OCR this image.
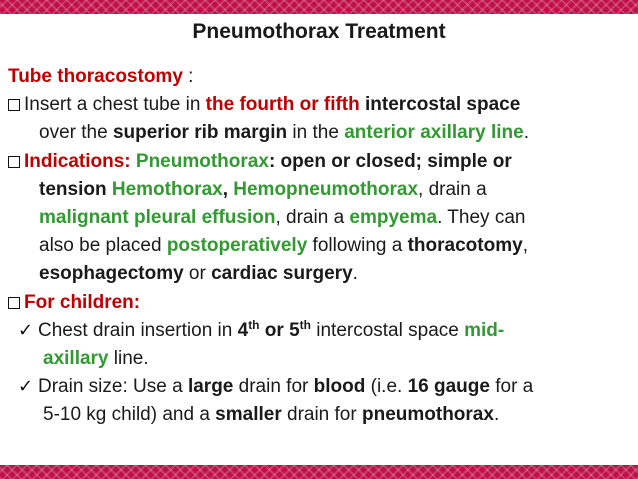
Pneumothorax Treatment
Tube thoracostomy :
Insert a chest tube in the fourth or fifth intercostal space
over the superior rib margin in the anterior axillary line.
Indications: Pneumothorax: open or closed; simple or
tension Hemothorax, Hemopneumothorax, drain a
malignant pleural effusion, drain a empyema. They can
also be placed postoperatively following a thoracotomy,
esophagectomy or cardiac surgery.
For children:
✓ Chest drain insertion in 4th or 5th intercostal space mid-
axillary line.
✓ Drain size: Use a large drain for blood (i.e. 16 gauge for a
5-10 kg child) and a smaller drain for pneumothorax.
